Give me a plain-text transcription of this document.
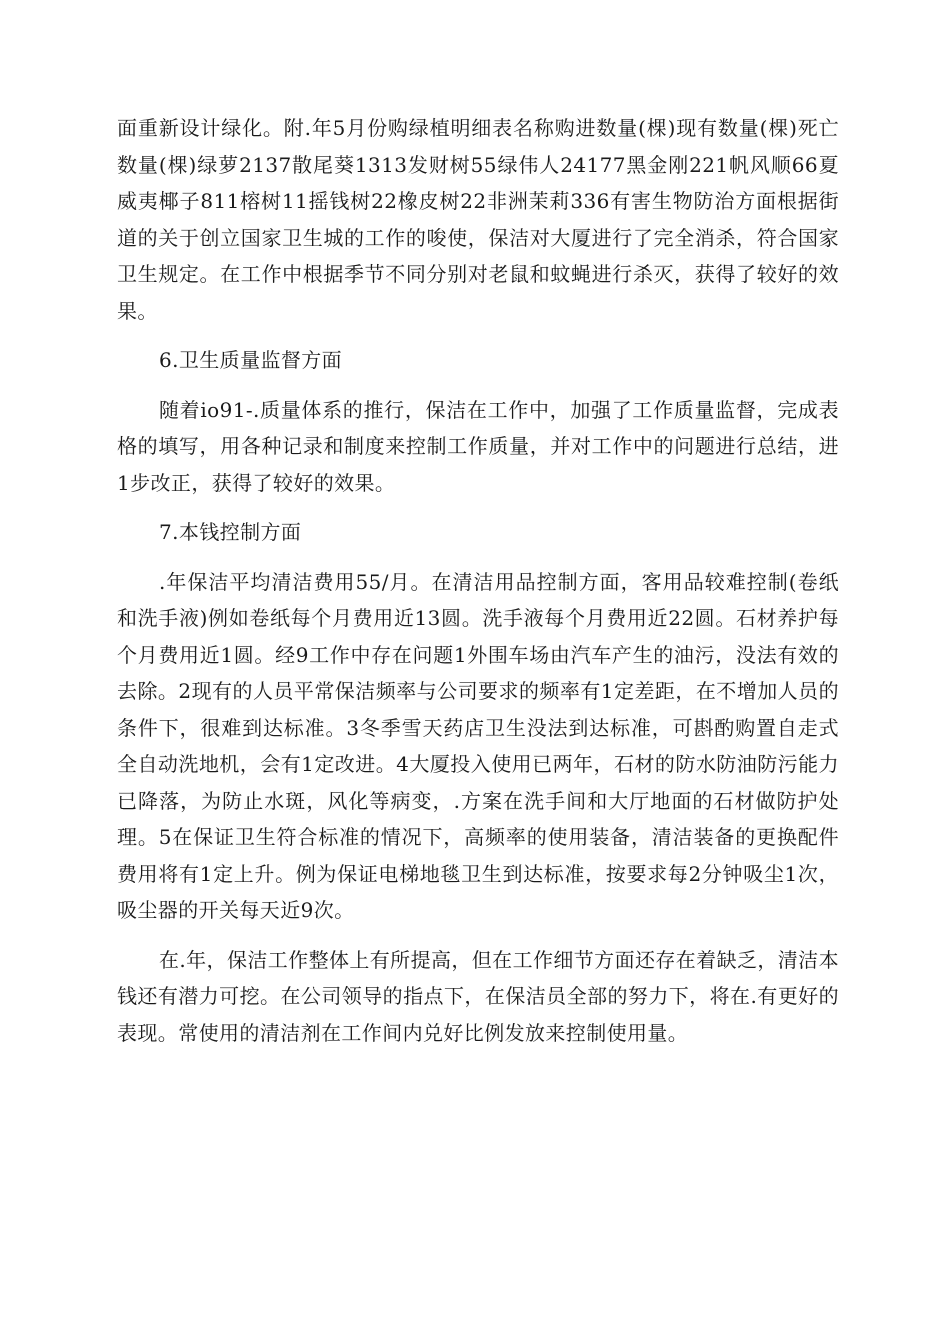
面重新设计绿化。附.年5月份购绿植明细表名称购进数量(棵)现有数量(棵)死亡数量(棵)绿萝2137散尾葵1313发财树55绿伟人24177黑金刚221帆风顺66夏威夷椰子811榕树11摇钱树22橡皮树22非洲茉莉336有害生物防治方面根据街道的关于创立国家卫生城的工作的唆使，保洁对大厦进行了完全消杀，符合国家卫生规定。在工作中根据季节不同分别对老鼠和蚊蝇进行杀灭，获得了较好的效果。

6.卫生质量监督方面

随着io91-.质量体系的推行，保洁在工作中，加强了工作质量监督，完成表格的填写，用各种记录和制度来控制工作质量，并对工作中的问题进行总结，进1步改正，获得了较好的效果。

7.本钱控制方面

.年保洁平均清洁费用55/月。在清洁用品控制方面，客用品较难控制(卷纸和洗手液)例如卷纸每个月费用近13圆。洗手液每个月费用近22圆。石材养护每个月费用近1圆。经9工作中存在问题1外围车场由汽车产生的油污，没法有效的去除。2现有的人员平常保洁频率与公司要求的频率有1定差距，在不增加人员的条件下，很难到达标准。3冬季雪天药店卫生没法到达标准，可斟酌购置自走式全自动洗地机，会有1定改进。4大厦投入使用已两年，石材的防水防油防污能力已降落，为防止水斑，风化等病变，.方案在洗手间和大厅地面的石材做防护处理。5在保证卫生符合标准的情况下，高频率的使用装备，清洁装备的更换配件费用将有1定上升。例为保证电梯地毯卫生到达标准，按要求每2分钟吸尘1次，吸尘器的开关每天近9次。

在.年，保洁工作整体上有所提高，但在工作细节方面还存在着缺乏，清洁本钱还有潜力可挖。在公司领导的指点下，在保洁员全部的努力下，将在.有更好的表现。常使用的清洁剂在工作间内兑好比例发放来控制使用量。
